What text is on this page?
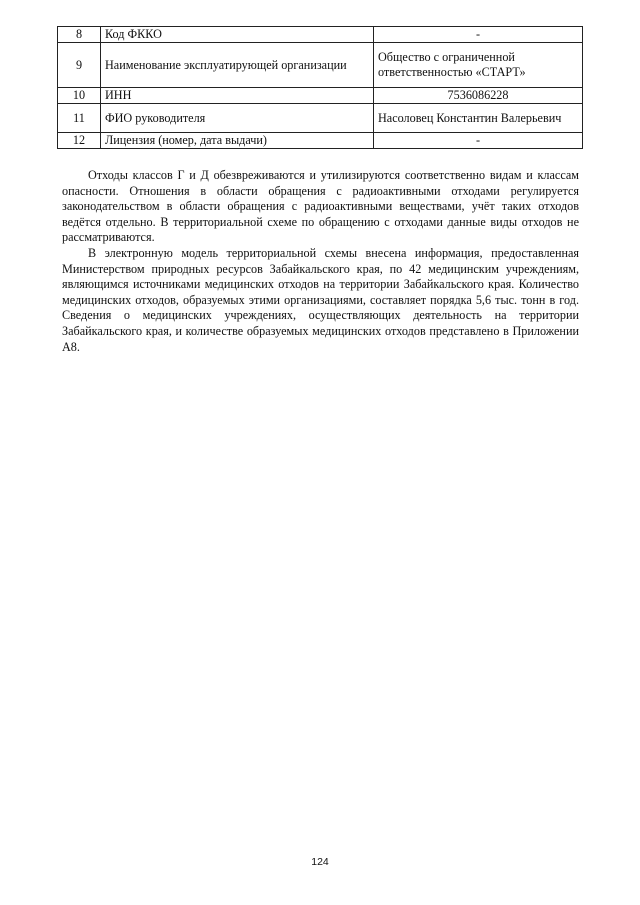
8	Код ФККО	-
9	Наименование эксплуатирующей организации	Общество с ограниченной ответственностью «СТАРТ»
10	ИНН	7536086228
11	ФИО руководителя	Насоловец Константин Валерьевич
12	Лицензия (номер, дата выдачи)	-

Отходы классов Г и Д обезвреживаются и утилизируются соответственно видам и классам опасности. Отношения в области обращения с радиоактивными отходами регулируется законодательством в области обращения с радиоактивными веществами, учёт таких отходов ведётся отдельно. В территориальной схеме по обращению с отходами данные виды отходов не рассматриваются.

В электронную модель территориальной схемы внесена информация, предоставленная Министерством природных ресурсов Забайкальского края, по 42 медицинским учреждениям, являющимся источниками медицинских отходов на территории Забайкальского края. Количество медицинских отходов, образуемых этими организациями, составляет порядка 5,6 тыс. тонн в год. Сведения о медицинских учреждениях, осуществляющих деятельность на территории Забайкальского края, и количестве образуемых медицинских отходов представлено в Приложении А8.

124
